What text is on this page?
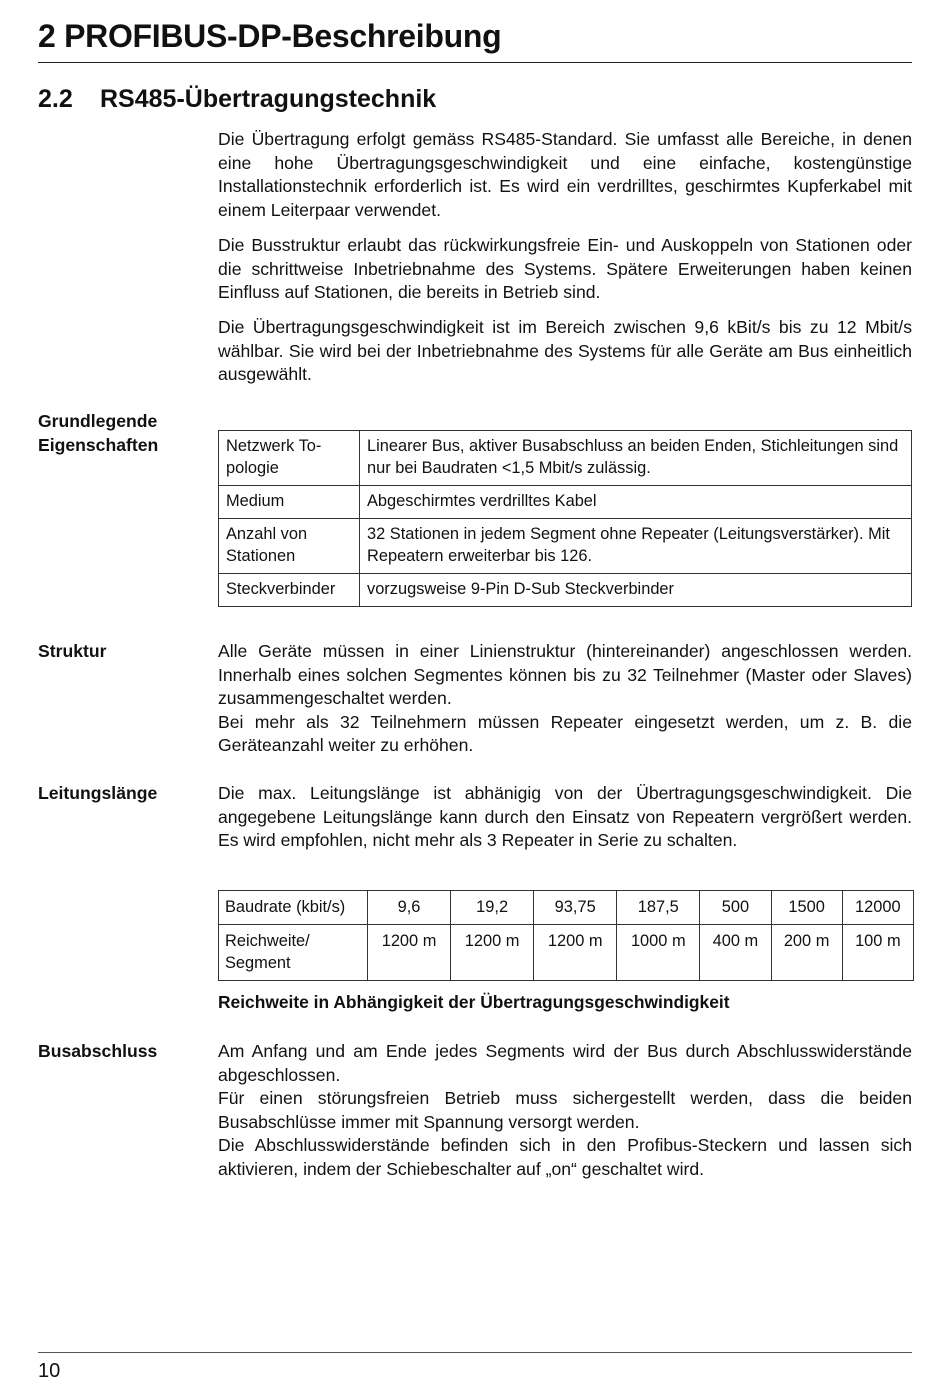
2 PROFIBUS-DP-Beschreibung
2.2 RS485-Übertragungstechnik
Die Übertragung erfolgt gemäss RS485-Standard. Sie umfasst alle Bereiche, in denen eine hohe Übertragungsgeschwindigkeit und eine einfache, kostengünstige Installationstechnik erforderlich ist. Es wird ein verdrilltes, geschirmtes Kupferkabel mit einem Leiterpaar verwendet.
Die Busstruktur erlaubt das rückwirkungsfreie Ein- und Auskoppeln von Stationen oder die schrittweise Inbetriebnahme des Systems. Spätere Erweiterungen haben keinen Einfluss auf Stationen, die bereits in Betrieb sind.
Die Übertragungsgeschwindigkeit ist im Bereich zwischen 9,6 kBit/s bis zu 12 Mbit/s wählbar. Sie wird bei der Inbetriebnahme des Systems für alle Geräte am Bus einheitlich ausgewählt.
Grundlegende
Eigenschaften	Netzwerk Topologie	Linearer Bus, aktiver Busabschluss an beiden Enden, Stichleitungen sind nur bei Baudraten <1,5 Mbit/s zulässig.
Medium	Abgeschirmtes verdrilltes Kabel
Anzahl von Stationen	32 Stationen in jedem Segment ohne Repeater (Leitungsverstärker). Mit Repeatern erweiterbar bis 126.
Steckverbinder	vorzugsweise 9-Pin D-Sub Steckverbinder
Struktur	Alle Geräte müssen in einer Linienstruktur (hintereinander) angeschlossen werden. Innerhalb eines solchen Segmentes können bis zu 32 Teilnehmer (Master oder Slaves) zusammengeschaltet werden.
Bei mehr als 32 Teilnehmern müssen Repeater eingesetzt werden, um z. B. die Geräteanzahl weiter zu erhöhen.
Leitungslänge	Die max. Leitungslänge ist abhänigig von der Übertragungsgeschwindigkeit. Die angegebene Leitungslänge kann durch den Einsatz von Repeatern vergrößert werden. Es wird empfohlen, nicht mehr als 3 Repeater in Serie zu schalten.
Baudrate (kbit/s)	9,6	19,2	93,75	187,5	500	1500	12000
Reichweite/ Segment	1200 m	1200 m	1200 m	1000 m	400 m	200 m	100 m
Reichweite in Abhängigkeit der Übertragungsgeschwindigkeit
Busabschluss	Am Anfang und am Ende jedes Segments wird der Bus durch Abschlusswiderstände abgeschlossen.
Für einen störungsfreien Betrieb muss sichergestellt werden, dass die beiden Busabschlüsse immer mit Spannung versorgt werden.
Die Abschlusswiderstände befinden sich in den Profibus-Steckern und lassen sich aktivieren, indem der Schiebeschalter auf „on“ geschaltet wird.
10
